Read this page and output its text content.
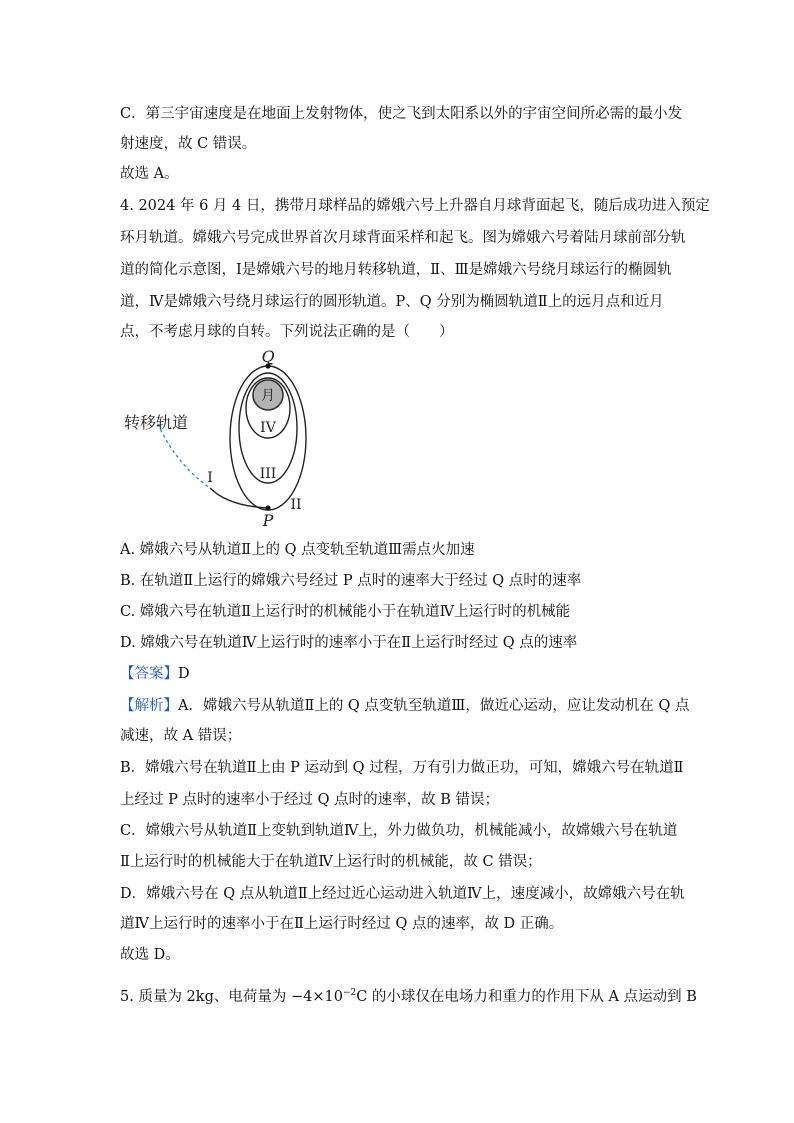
C．第三宇宙速度是在地面上发射物体，使之飞到太阳系以外的宇宙空间所必需的最小发
射速度，故 C 错误。
故选 A。
4. 2024 年 6 月 4 日，携带月球样品的嫦娥六号上升器自月球背面起飞，随后成功进入预定
环月轨道。嫦娥六号完成世界首次月球背面采样和起飞。图为嫦娥六号着陆月球前部分轨
道的简化示意图，Ⅰ是嫦娥六号的地月转移轨道，Ⅱ、Ⅲ是嫦娥六号绕月球运行的椭圆轨
道，Ⅳ是嫦娥六号绕月球运行的圆形轨道。P、Q 分别为椭圆轨道Ⅱ上的远月点和近月
点，不考虑月球的自转。下列说法正确的是（　　）
月
转移轨道
Q
P
I
II
III
IV
A. 嫦娥六号从轨道Ⅱ上的 Q 点变轨至轨道Ⅲ需点火加速
B. 在轨道Ⅱ上运行的嫦娥六号经过 P 点时的速率大于经过 Q 点时的速率
C. 嫦娥六号在轨道Ⅱ上运行时的机械能小于在轨道Ⅳ上运行时的机械能
D. 嫦娥六号在轨道Ⅳ上运行时的速率小于在Ⅱ上运行时经过 Q 点的速率
【答案】D
【解析】A．嫦娥六号从轨道Ⅱ上的 Q 点变轨至轨道Ⅲ，做近心运动，应让发动机在 Q 点
减速，故 A 错误；
B．嫦娥六号在轨道Ⅱ上由 P 运动到 Q 过程，万有引力做正功，可知，嫦娥六号在轨道Ⅱ
上经过 P 点时的速率小于经过 Q 点时的速率，故 B 错误；
C．嫦娥六号从轨道Ⅱ上变轨到轨道Ⅳ上，外力做负功，机械能减小，故嫦娥六号在轨道
Ⅱ上运行时的机械能大于在轨道Ⅳ上运行时的机械能，故 C 错误；
D．嫦娥六号在 Q 点从轨道Ⅱ上经过近心运动进入轨道Ⅳ上，速度减小，故嫦娥六号在轨
道Ⅳ上运行时的速率小于在Ⅱ上运行时经过 Q 点的速率，故 D 正确。
故选 D。
5. 质量为 2kg、电荷量为 $-4\times 10^{-2}C$ 的小球仅在电场力和重力的作用下从 A 点运动到 B
